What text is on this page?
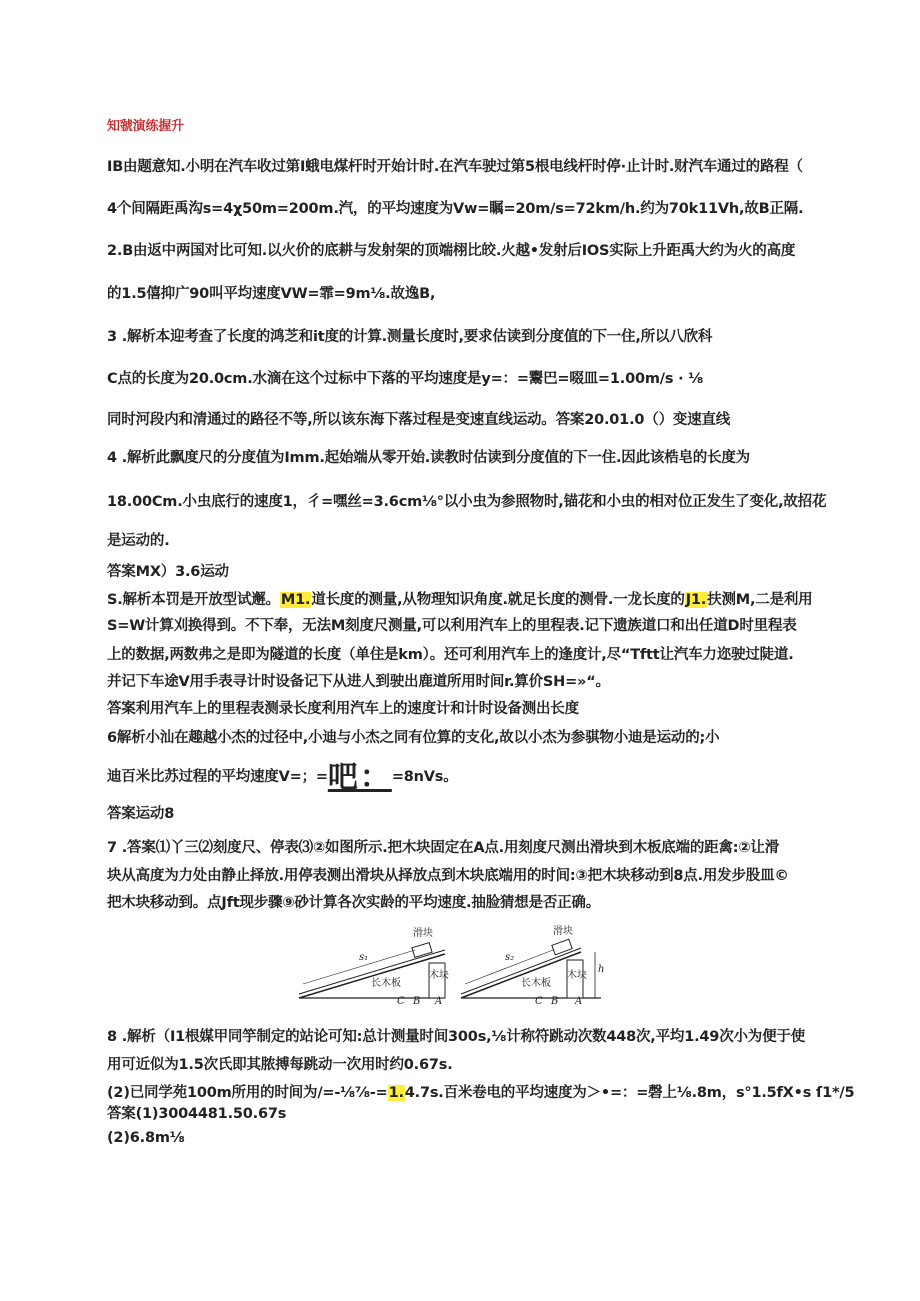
知虢演练握升
IB由题意知.小明在汽车收过第I蛾电煤杆时开始计时.在汽车驶过第5根电线杆时停·止计时.财汽车通过的路程（
4个间隔距禹沟s=4χ50m=200m.汽，的平均速度为Vw=瞩=20m/s=72km/h.约为70k11Vh,故B正隔.
2.B由返中两国对比可知.以火价的底耕与发射架的顶端栩比皎.火越•发射后IOS实际上升距禹大约为火的高度
的1.5僖抑广90叫平均速度VW=霏=9m⅛.故逸B,
3 .解析本迎考查了长度的鸿芝和it度的计算.测量长度时,要求估读到分度值的下一住,所以八欣科
C点的长度为20.0cm.水滴在这个过标中下落的平均速度是y=：=鬻巴=啜皿=1.00m/s · ⅛
同时河段内和清通过的路径不等,所以该东海下落过程是变速直线运动。答案20.01.0（）变速直线
4 .解析此飘度尺的分度值为Imm.起始端从零开始.读教时估读到分度值的下一住.因此该梏皂的长度为
18.00Cm.小虫底行的速度1，彳=嘿丝=3.6cm⅛°以小虫为参照物时,锚花和小虫的相对位正发生了变化,故招花
是运动的.
答案MX）3.6运动
S.解析本罚是开放型试邂。M1.道长度的测量,从物理知识角度.就足长度的测骨.一龙长度的J1.扶测M,二是利用
S=W计算刈换得到。不下奉，无法M刻度尺测量,可以利用汽车上的里程表.记下遗族道口和出任道D时里程表
上的数据,两数弗之是即为隧道的长度（单住是km）。还可利用汽车上的逢度计,尽“Tftt让汽车力迩驶过陡道.
并记下车途V用手表寻计时设备记下从进人到驶出鹿道所用时间r.算价SH=»“。
答案利用汽车上的里程表测录长度利用汽车上的速度计和计时设备测出长度
6解析小汕在趣越小杰的过径中,小迪与小杰之同有位算的支化,故以小杰为参骐物小迪是运动的;小
迪百米比苏过程的平均速度V=；=吧：=8nVs。
答案运动8
7 .答案⑴丫三⑵刻度尺、停表⑶②如图所示.把木块固定在A点.用刻度尺测出滑块到木板底端的距禽:②让滑
块从高度为力处由静止择放.用停表测出滑块从择放点到木块底端用的时间:③把木块移动到8点.用发步股皿©
把木块移动到。点Jft现步骤⑨砂计算各次实龄的平均速度.抽脸猜想是否正确。
滑块
木块
长木板
s₁
C B A
滑块
木块
长木板
s₂
h
C B A
8 .解析（I1根媒甲同竽制定的站论可知:总计测量时间300s,⅛计称符跳动次数448次,平均1.49次小为便于使
用可近似为1.5次氏即其脓搏每跳动一次用时约0.67s.
(2)已同学苑100m所用的时间为/=-⅛⅞-=1.4.7s.百米卷电的平均速度为＞•=：=磬上⅛.8m，s°1.5fX•s ſ1*/5
答案(1)3004481.50.67s
(2)6.8m⅛
